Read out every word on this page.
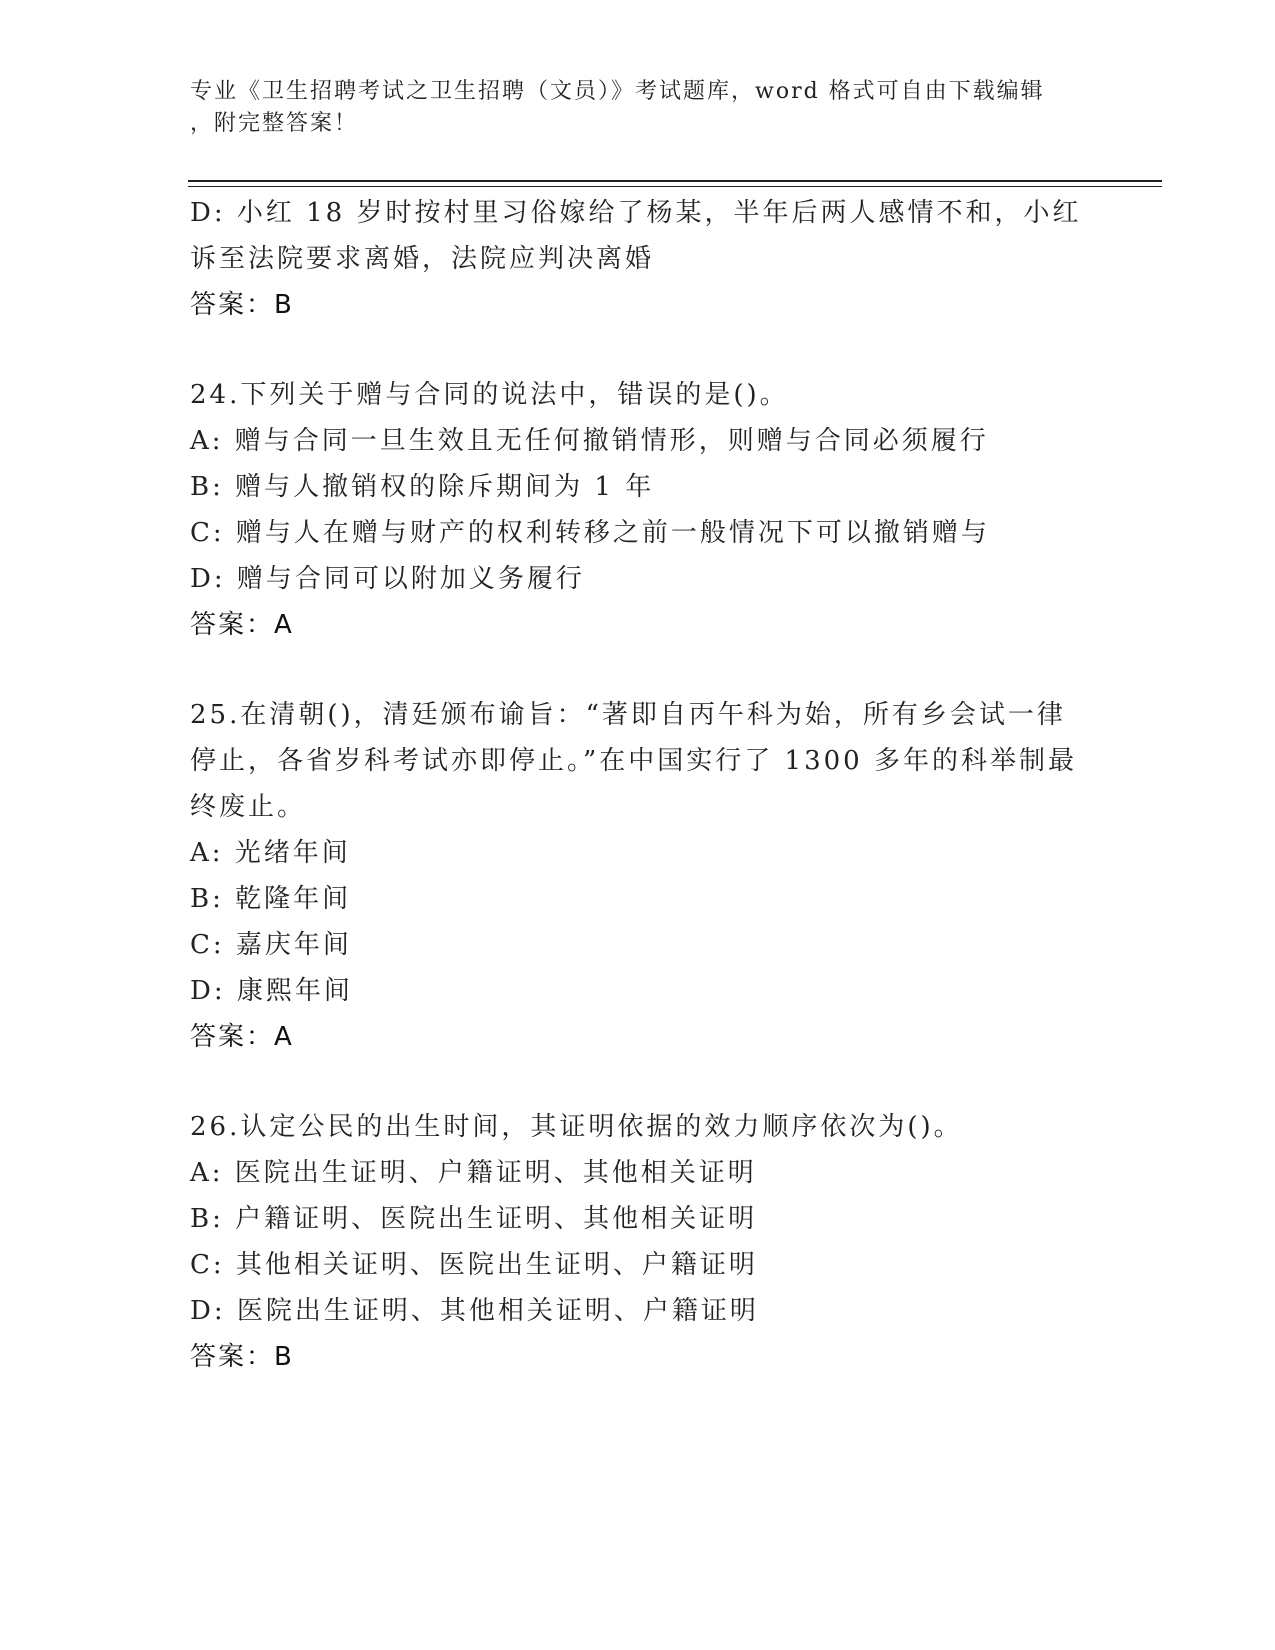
专业《卫生招聘考试之卫生招聘（文员）》考试题库，word 格式可自由下载编辑
，附完整答案！
D: 小红 18 岁时按村里习俗嫁给了杨某，半年后两人感情不和，小红
诉至法院要求离婚，法院应判决离婚
答案：B
24.下列关于赠与合同的说法中，错误的是()。
A: 赠与合同一旦生效且无任何撤销情形，则赠与合同必须履行
B: 赠与人撤销权的除斥期间为 1 年
C: 赠与人在赠与财产的权利转移之前一般情况下可以撤销赠与
D: 赠与合同可以附加义务履行
答案：A
25.在清朝()，清廷颁布谕旨：“著即自丙午科为始，所有乡会试一律
停止，各省岁科考试亦即停止。”在中国实行了 1300 多年的科举制最
终废止。
A: 光绪年间
B: 乾隆年间
C: 嘉庆年间
D: 康熙年间
答案：A
26.认定公民的出生时间，其证明依据的效力顺序依次为()。
A: 医院出生证明、户籍证明、其他相关证明
B: 户籍证明、医院出生证明、其他相关证明
C: 其他相关证明、医院出生证明、户籍证明
D: 医院出生证明、其他相关证明、户籍证明
答案：B
